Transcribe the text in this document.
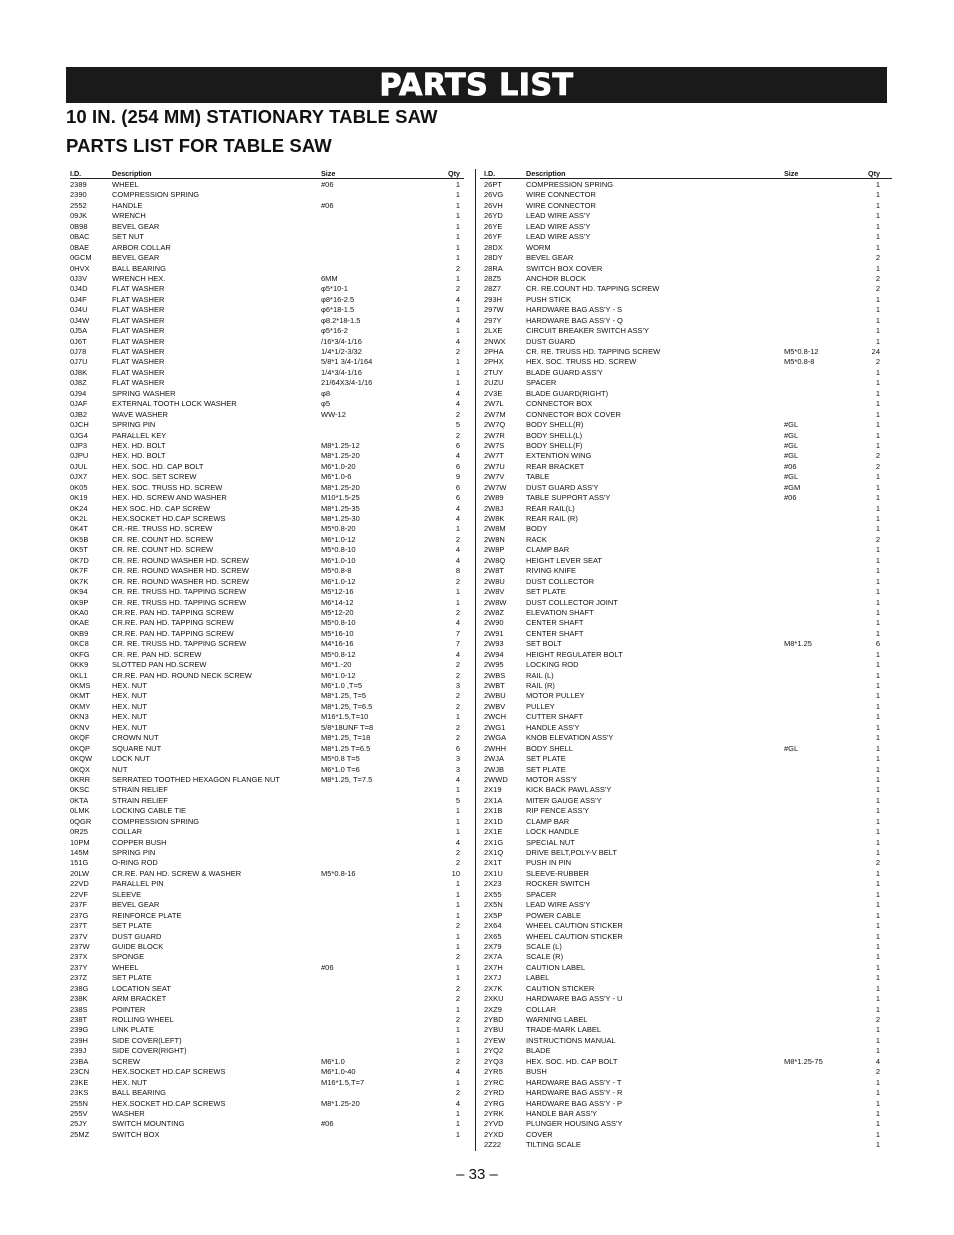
PARTS LIST
10 IN. (254 MM) STATIONARY TABLE SAW
PARTS LIST FOR TABLE SAW
I.D.	Description	Size	Qty
2389	WHEEL	#06	1
2390	COMPRESSION SPRING	1
2552	HANDLE	#06	1
09JK	WRENCH	1
0B98	BEVEL GEAR	1
0BAC	SET NUT	1
0BAE	ARBOR COLLAR	1
0GCM	BEVEL GEAR	1
0HVX	BALL BEARING	2
0J3V	WRENCH HEX.	6MM	1
0J4D	FLAT WASHER	φ5*10-1	2
0J4F	FLAT WASHER	φ8*16-2.5	4
0J4U	FLAT WASHER	φ6*18-1.5	1
0J4W	FLAT WASHER	φ8.2*18-1.5	4
0J5A	FLAT WASHER	φ5*16-2	1
0J6T	FLAT WASHER	/16*3/4-1/16	4
0J78	FLAT WASHER	1/4*1/2-3/32	2
0J7U	FLAT WASHER	5/8*1 3/4-1/164	1
0J8K	FLAT WASHER	1/4*3/4-1/16	1
0J8Z	FLAT WASHER	21/64X3/4-1/16	1
0J94	SPRING WASHER	φ8	4
0JAF	EXTERNAL TOOTH LOCK WASHER	φ5	4
0JB2	WAVE WASHER	WW-12	2
0JCH	SPRING PIN	5
0JG4	PARALLEL KEY	2
0JP3	HEX. HD. BOLT	M8*1.25-12	6
0JPU	HEX. HD. BOLT	M8*1.25-20	4
0JUL	HEX. SOC. HD. CAP BOLT	M6*1.0-20	6
0JX7	HEX. SOC. SET SCREW	M6*1.0-6	9
0K05	HEX. SOC. TRUSS HD. SCREW	M8*1.25-20	6
0K19	HEX. HD. SCREW AND WASHER	M10*1.5-25	6
0K24	HEX SOC. HD. CAP SCREW	M8*1.25-35	4
0K2L	HEX.SOCKET HD.CAP SCREWS	M8*1.25-30	4
0K4T	CR.-RE. TRUSS HD. SCREW	M5*0.8-20	1
0K5B	CR. RE. COUNT HD. SCREW	M6*1.0-12	2
0K5T	CR. RE. COUNT HD. SCREW	M5*0.8-10	4
0K7D	CR. RE. ROUND WASHER HD. SCREW	M6*1.0-10	4
0K7F	CR. RE. ROUND WASHER HD. SCREW	M5*0.8-8	8
0K7K	CR. RE. ROUND WASHER HD. SCREW	M6*1.0-12	2
0K94	CR. RE. TRUSS HD. TAPPING SCREW	M5*12-16	1
0K9P	CR. RE. TRUSS HD. TAPPING SCREW	M6*14-12	1
0KA0	CR.RE. PAN HD. TAPPING SCREW	M5*12-20	2
0KAE	CR.RE. PAN HD. TAPPING SCREW	M5*0.8-10	4
0KB9	CR.RE. PAN HD. TAPPING SCREW	M5*16-10	7
0KC8	CR. RE. TRUSS HD. TAPPING SCREW	M4*16-16	7
0KFG	CR. RE. PAN HD. SCREW	M5*0.8-12	4
0KK9	SLOTTED PAN HD.SCREW	M6*1.-20	2
0KL1	CR.RE. PAN HD. ROUND NECK SCREW	M6*1.0-12	2
0KMS	HEX. NUT	M6*1.0 ,T=5	3
0KMT	HEX. NUT	M8*1.25, T=5	2
0KMY	HEX. NUT	M8*1.25, T=6.5	2
0KN3	HEX. NUT	M16*1.5,T=10	1
0KNV	HEX. NUT	5/8*18UNF T=8	2
0KQF	CROWN NUT	M8*1.25, T=18	2
0KQP	SQUARE NUT	M8*1.25 T=6.5	6
0KQW	LOCK NUT	M5*0.8 T=5	3
0KQX	NUT	M6*1.0 T=6	3
0KRR	SERRATED TOOTHED HEXAGON FLANGE NUT	M8*1.25, T=7.5	4
0KSC	STRAIN RELIEF	1
0KTA	STRAIN RELIEF	5
0LMK	LOCKING CABLE TIE	1
0QGR	COMPRESSION SPRING	1
0R25	COLLAR	1
10PM	COPPER BUSH	4
145M	SPRING PIN	2
151G	O-RING ROD	2
20LW	CR.RE. PAN HD. SCREW & WASHER	M5*0.8-16	10
22VD	PARALLEL PIN	1
22VF	SLEEVE	1
237F	BEVEL GEAR	1
237G	REINFORCE PLATE	1
237T	SET PLATE	2
237V	DUST GUARD	1
237W	GUIDE BLOCK	1
237X	SPONGE	2
237Y	WHEEL	#06	1
237Z	SET PLATE	1
238G	LOCATION SEAT	2
238K	ARM BRACKET	2
238S	POINTER	1
238T	ROLLING WHEEL	2
239G	LINK PLATE	1
239H	SIDE COVER(LEFT)	1
239J	SIDE COVER(RIGHT)	1
23BA	SCREW	M6*1.0	2
23CN	HEX.SOCKET HD.CAP SCREWS	M6*1.0-40	4
23KE	HEX. NUT	M16*1.5,T=7	1
23KS	BALL BEARING	2
255N	HEX.SOCKET HD.CAP SCREWS	M8*1.25-20	4
255V	WASHER	1
25JY	SWITCH MOUNTING	#06	1
25MZ	SWITCH BOX	1
I.D.	Description	Size	Qty
26PT	COMPRESSION SPRING	1
26VG	WIRE CONNECTOR	1
26VH	WIRE CONNECTOR	1
26YD	LEAD WIRE ASS'Y	1
26YE	LEAD WIRE ASS'Y	1
26YF	LEAD WIRE ASS'Y	1
28DX	WORM	1
28DY	BEVEL GEAR	2
28RA	SWITCH BOX COVER	1
28Z5	ANCHOR BLOCK	2
28Z7	CR. RE.COUNT HD. TAPPING SCREW	2
293H	PUSH STICK	1
297W	HARDWARE BAG ASS'Y - S	1
297Y	HARDWARE BAG ASS'Y - Q	1
2LXE	CIRCUIT BREAKER SWITCH ASS'Y	1
2NWX	DUST GUARD	1
2PHA	CR. RE. TRUSS HD. TAPPING SCREW	M5*0.8-12	24
2PHX	HEX. SOC. TRUSS HD. SCREW	M5*0.8-8	2
2TUY	BLADE GUARD ASS'Y	1
2UZU	SPACER	1
2V3E	BLADE GUARD(RIGHT)	1
2W7L	CONNECTOR BOX	1
2W7M	CONNECTOR BOX COVER	1
2W7Q	BODY SHELL(R)	#GL	1
2W7R	BODY SHELL(L)	#GL	1
2W7S	BODY SHELL(F)	#GL	1
2W7T	EXTENTION WING	#GL	2
2W7U	REAR BRACKET	#06	2
2W7V	TABLE	#GL	1
2W7W	DUST GUARD ASS'Y	#GM	1
2W89	TABLE SUPPORT ASS'Y	#06	1
2W8J	REAR RAIL(L)	1
2W8K	REAR RAIL (R)	1
2W8M	BODY	1
2W8N	RACK	2
2W8P	CLAMP BAR	1
2W8Q	HEIGHT LEVER SEAT	1
2W8T	RIVING KNIFE	1
2W8U	DUST COLLECTOR	1
2W8V	SET PLATE	1
2W8W	DUST COLLECTOR JOINT	1
2W8Z	ELEVATION SHAFT	1
2W90	CENTER SHAFT	1
2W91	CENTER SHAFT	1
2W93	SET BOLT	M8*1.25	6
2W94	HEIGHT REGULATER BOLT	1
2W95	LOCKING ROD	1
2WBS	RAIL (L)	1
2WBT	RAIL (R)	1
2WBU	MOTOR PULLEY	1
2WBV	PULLEY	1
2WCH	CUTTER SHAFT	1
2WG1	HANDLE ASS'Y	1
2WGA	KNOB ELEVATION ASS'Y	1
2WHH	BODY SHELL	#GL	1
2WJA	SET PLATE	1
2WJB	SET PLATE	1
2WWD MOTOR ASS'Y	1
2X19	KICK BACK PAWL ASS'Y	1
2X1A	MITER GAUGE ASS'Y	1
2X1B	RIP FENCE ASS'Y	1
2X1D	CLAMP BAR	1
2X1E	LOCK HANDLE	1
2X1G	SPECIAL NUT	1
2X1Q	DRIVE BELT,POLY-V BELT	1
2X1T	PUSH IN PIN	2
2X1U	SLEEVE-RUBBER	1
2X23	ROCKER SWITCH	1
2X55	SPACER	1
2X5N	LEAD WIRE ASS'Y	1
2X5P	POWER CABLE	1
2X64	WHEEL CAUTION STICKER	1
2X65	WHEEL CAUTION STICKER	1
2X79	SCALE (L)	1
2X7A	SCALE (R)	1
2X7H	CAUTION LABEL	1
2X7J	LABEL	1
2X7K	CAUTION STICKER	1
2XKU	HARDWARE BAG ASS'Y - U	1
2XZ9	COLLAR	1
2YBD	WARNING LABEL	2
2YBU	TRADE-MARK LABEL	1
2YEW	INSTRUCTIONS MANUAL	1
2YQ2	BLADE	1
2YQ3	HEX. SOC. HD. CAP BOLT	M8*1.25-75	4
2YR5	BUSH	2
2YRC	HARDWARE BAG ASS'Y - T	1
2YRD	HARDWARE BAG ASS'Y - R	1
2YRG	HARDWARE BAG ASS'Y - P	1
2YRK	HANDLE BAR ASS'Y	1
2YVD	PLUNGER HOUSING ASS'Y	1
2YXD	COVER	1
2Z22	TILTING SCALE	1
– 33 –
